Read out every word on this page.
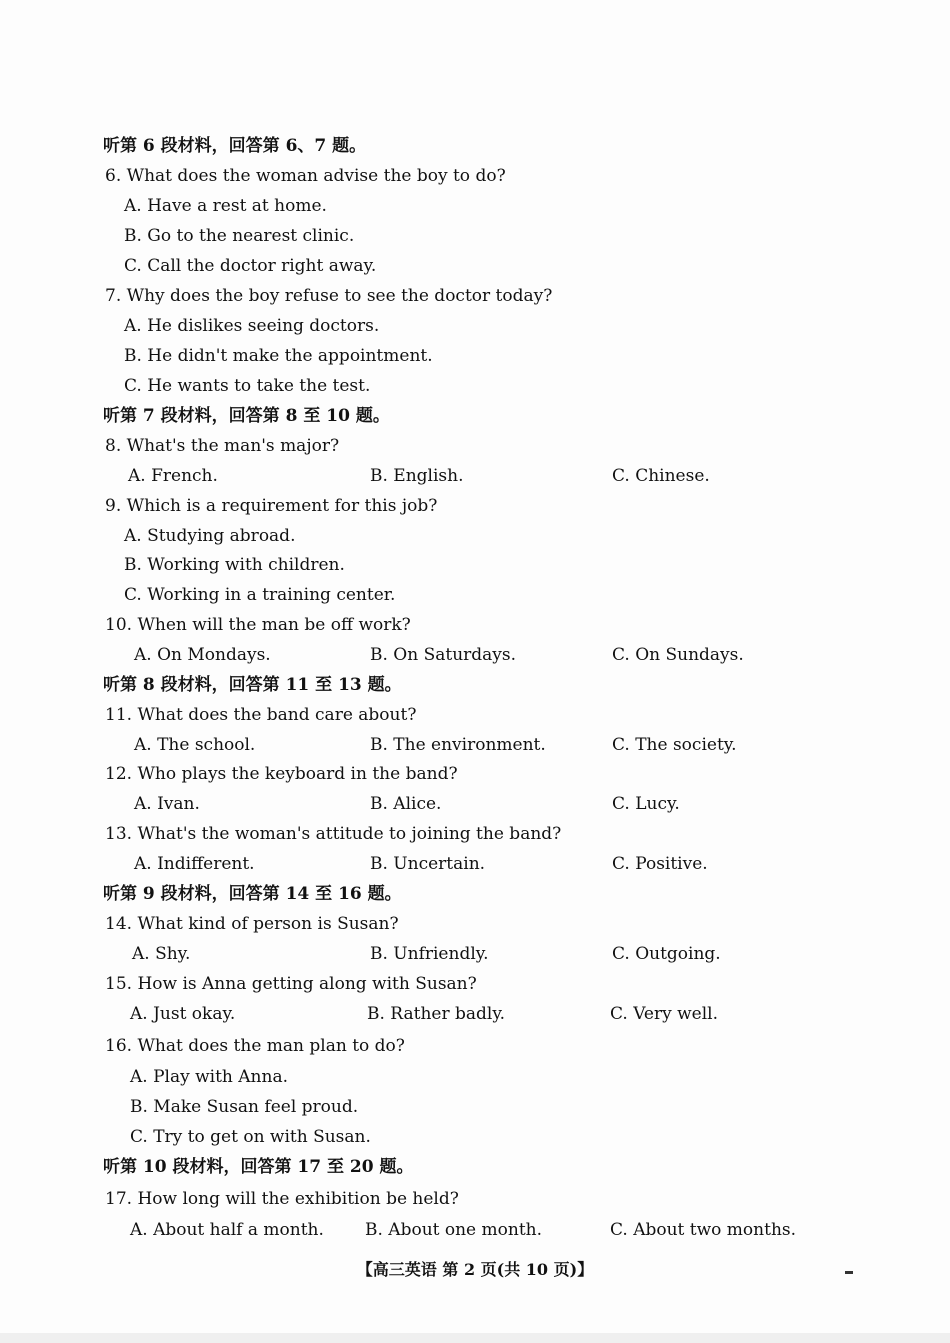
听第 6 段材料，回答第 6、7 题。
6. What does the woman advise the boy to do?
A. Have a rest at home.
B. Go to the nearest clinic.
C. Call the doctor right away.
7. Why does the boy refuse to see the doctor today?
A. He dislikes seeing doctors.
B. He didn't make the appointment.
C. He wants to take the test.
听第 7 段材料，回答第 8 至 10 题。
8. What's the man's major?
A. French.	B. English.	C. Chinese.
9. Which is a requirement for this job?
A. Studying abroad.
B. Working with children.
C. Working in a training center.
10. When will the man be off work?
A. On Mondays.	B. On Saturdays.	C. On Sundays.
听第 8 段材料，回答第 11 至 13 题。
11. What does the band care about?
A. The school.	B. The environment.	C. The society.
12. Who plays the keyboard in the band?
A. Ivan.	B. Alice.	C. Lucy.
13. What's the woman's attitude to joining the band?
A. Indifferent.	B. Uncertain.	C. Positive.
听第 9 段材料，回答第 14 至 16 题。
14. What kind of person is Susan?
A. Shy.	B. Unfriendly.	C. Outgoing.
15. How is Anna getting along with Susan?
A. Just okay.	B. Rather badly.	C. Very well.
16. What does the man plan to do?
A. Play with Anna.
B. Make Susan feel proud.
C. Try to get on with Susan.
听第 10 段材料，回答第 17 至 20 题。
17. How long will the exhibition be held?
A. About half a month. B. About one month.	C. About two months.
【高三英语 第 2 页(共 10 页)】
